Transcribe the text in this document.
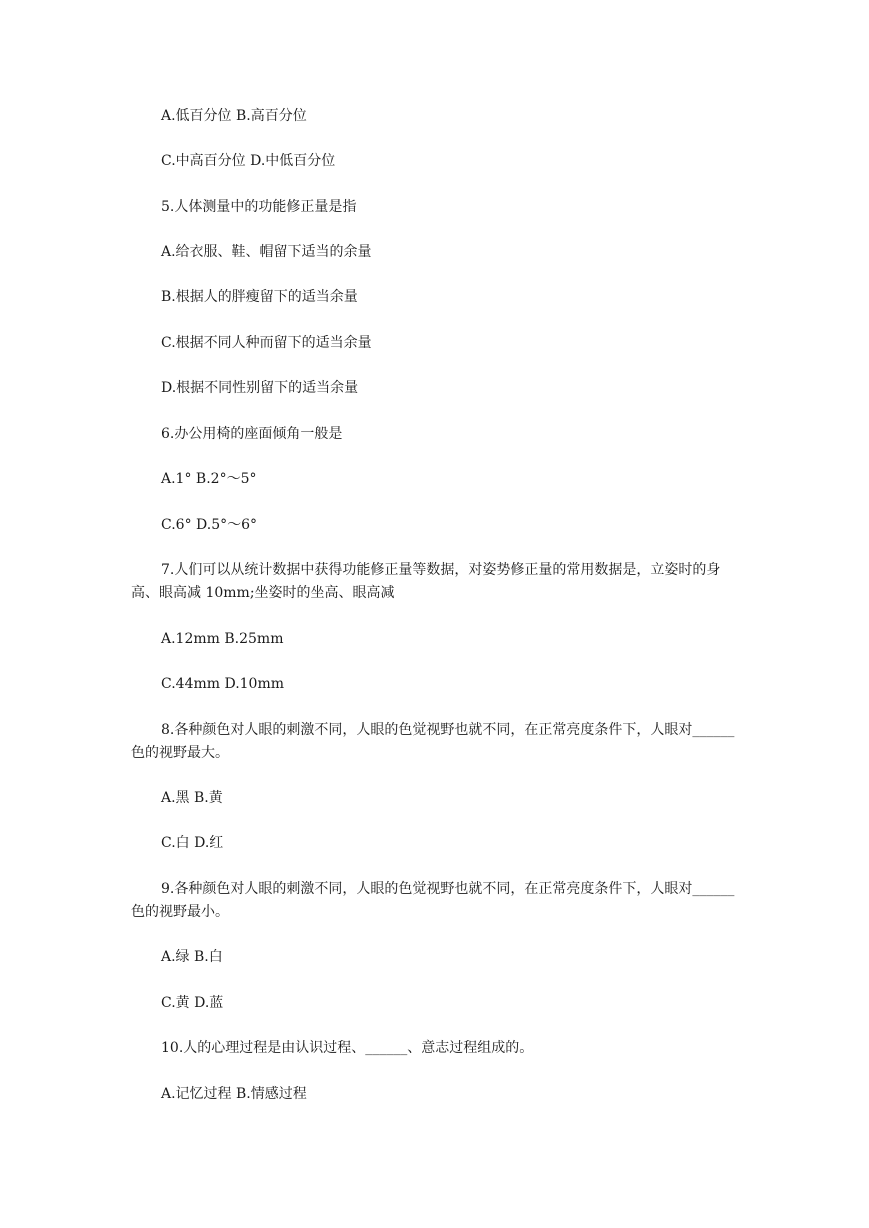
A.低百分位 B.高百分位

C.中高百分位 D.中低百分位

5.人体测量中的功能修正量是指

A.给衣服、鞋、帽留下适当的余量

B.根据人的胖瘦留下的适当余量

C.根据不同人种而留下的适当余量

D.根据不同性别留下的适当余量

6.办公用椅的座面倾角一般是

A.1° B.2°～5°

C.6° D.5°～6°

7.人们可以从统计数据中获得功能修正量等数据，对姿势修正量的常用数据是，立姿时的身高、眼高减 10mm;坐姿时的坐高、眼高减

A.12mm B.25mm

C.44mm D.10mm

8.各种颜色对人眼的刺激不同，人眼的色觉视野也就不同，在正常亮度条件下，人眼对______色的视野最大。

A.黑 B.黄

C.白 D.红

9.各种颜色对人眼的刺激不同，人眼的色觉视野也就不同，在正常亮度条件下，人眼对______色的视野最小。

A.绿 B.白

C.黄 D.蓝

10.人的心理过程是由认识过程、______、意志过程组成的。

A.记忆过程 B.情感过程
